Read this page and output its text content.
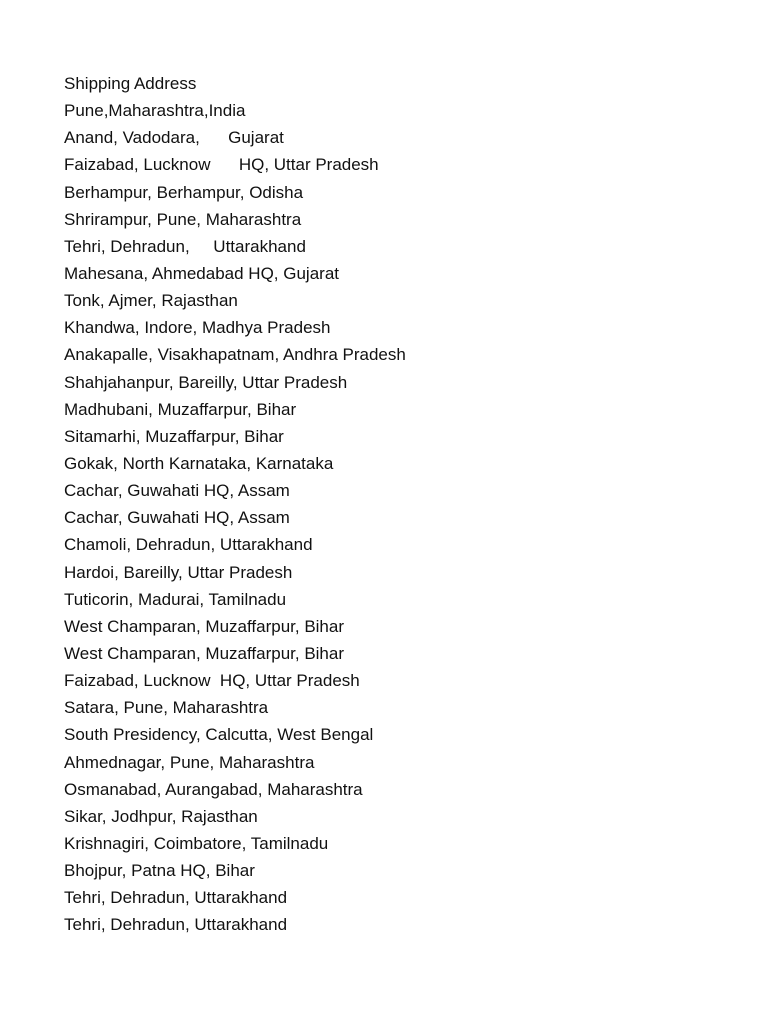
Shipping Address
Pune,Maharashtra,India
Anand, Vadodara,      Gujarat
Faizabad, Lucknow      HQ, Uttar Pradesh
Berhampur, Berhampur, Odisha
Shrirampur, Pune, Maharashtra
Tehri, Dehradun,     Uttarakhand
Mahesana, Ahmedabad HQ, Gujarat
Tonk, Ajmer, Rajasthan
Khandwa, Indore, Madhya Pradesh
Anakapalle, Visakhapatnam, Andhra Pradesh
Shahjahanpur, Bareilly, Uttar Pradesh
Madhubani, Muzaffarpur, Bihar
Sitamarhi, Muzaffarpur, Bihar
Gokak, North Karnataka, Karnataka
Cachar, Guwahati HQ, Assam
Cachar, Guwahati HQ, Assam
Chamoli, Dehradun, Uttarakhand
Hardoi, Bareilly, Uttar Pradesh
Tuticorin, Madurai, Tamilnadu
West Champaran, Muzaffarpur, Bihar
West Champaran, Muzaffarpur, Bihar
Faizabad, Lucknow  HQ, Uttar Pradesh
Satara, Pune, Maharashtra
South Presidency, Calcutta, West Bengal
Ahmednagar, Pune, Maharashtra
Osmanabad, Aurangabad, Maharashtra
Sikar, Jodhpur, Rajasthan
Krishnagiri, Coimbatore, Tamilnadu
Bhojpur, Patna HQ, Bihar
Tehri, Dehradun, Uttarakhand
Tehri, Dehradun, Uttarakhand
